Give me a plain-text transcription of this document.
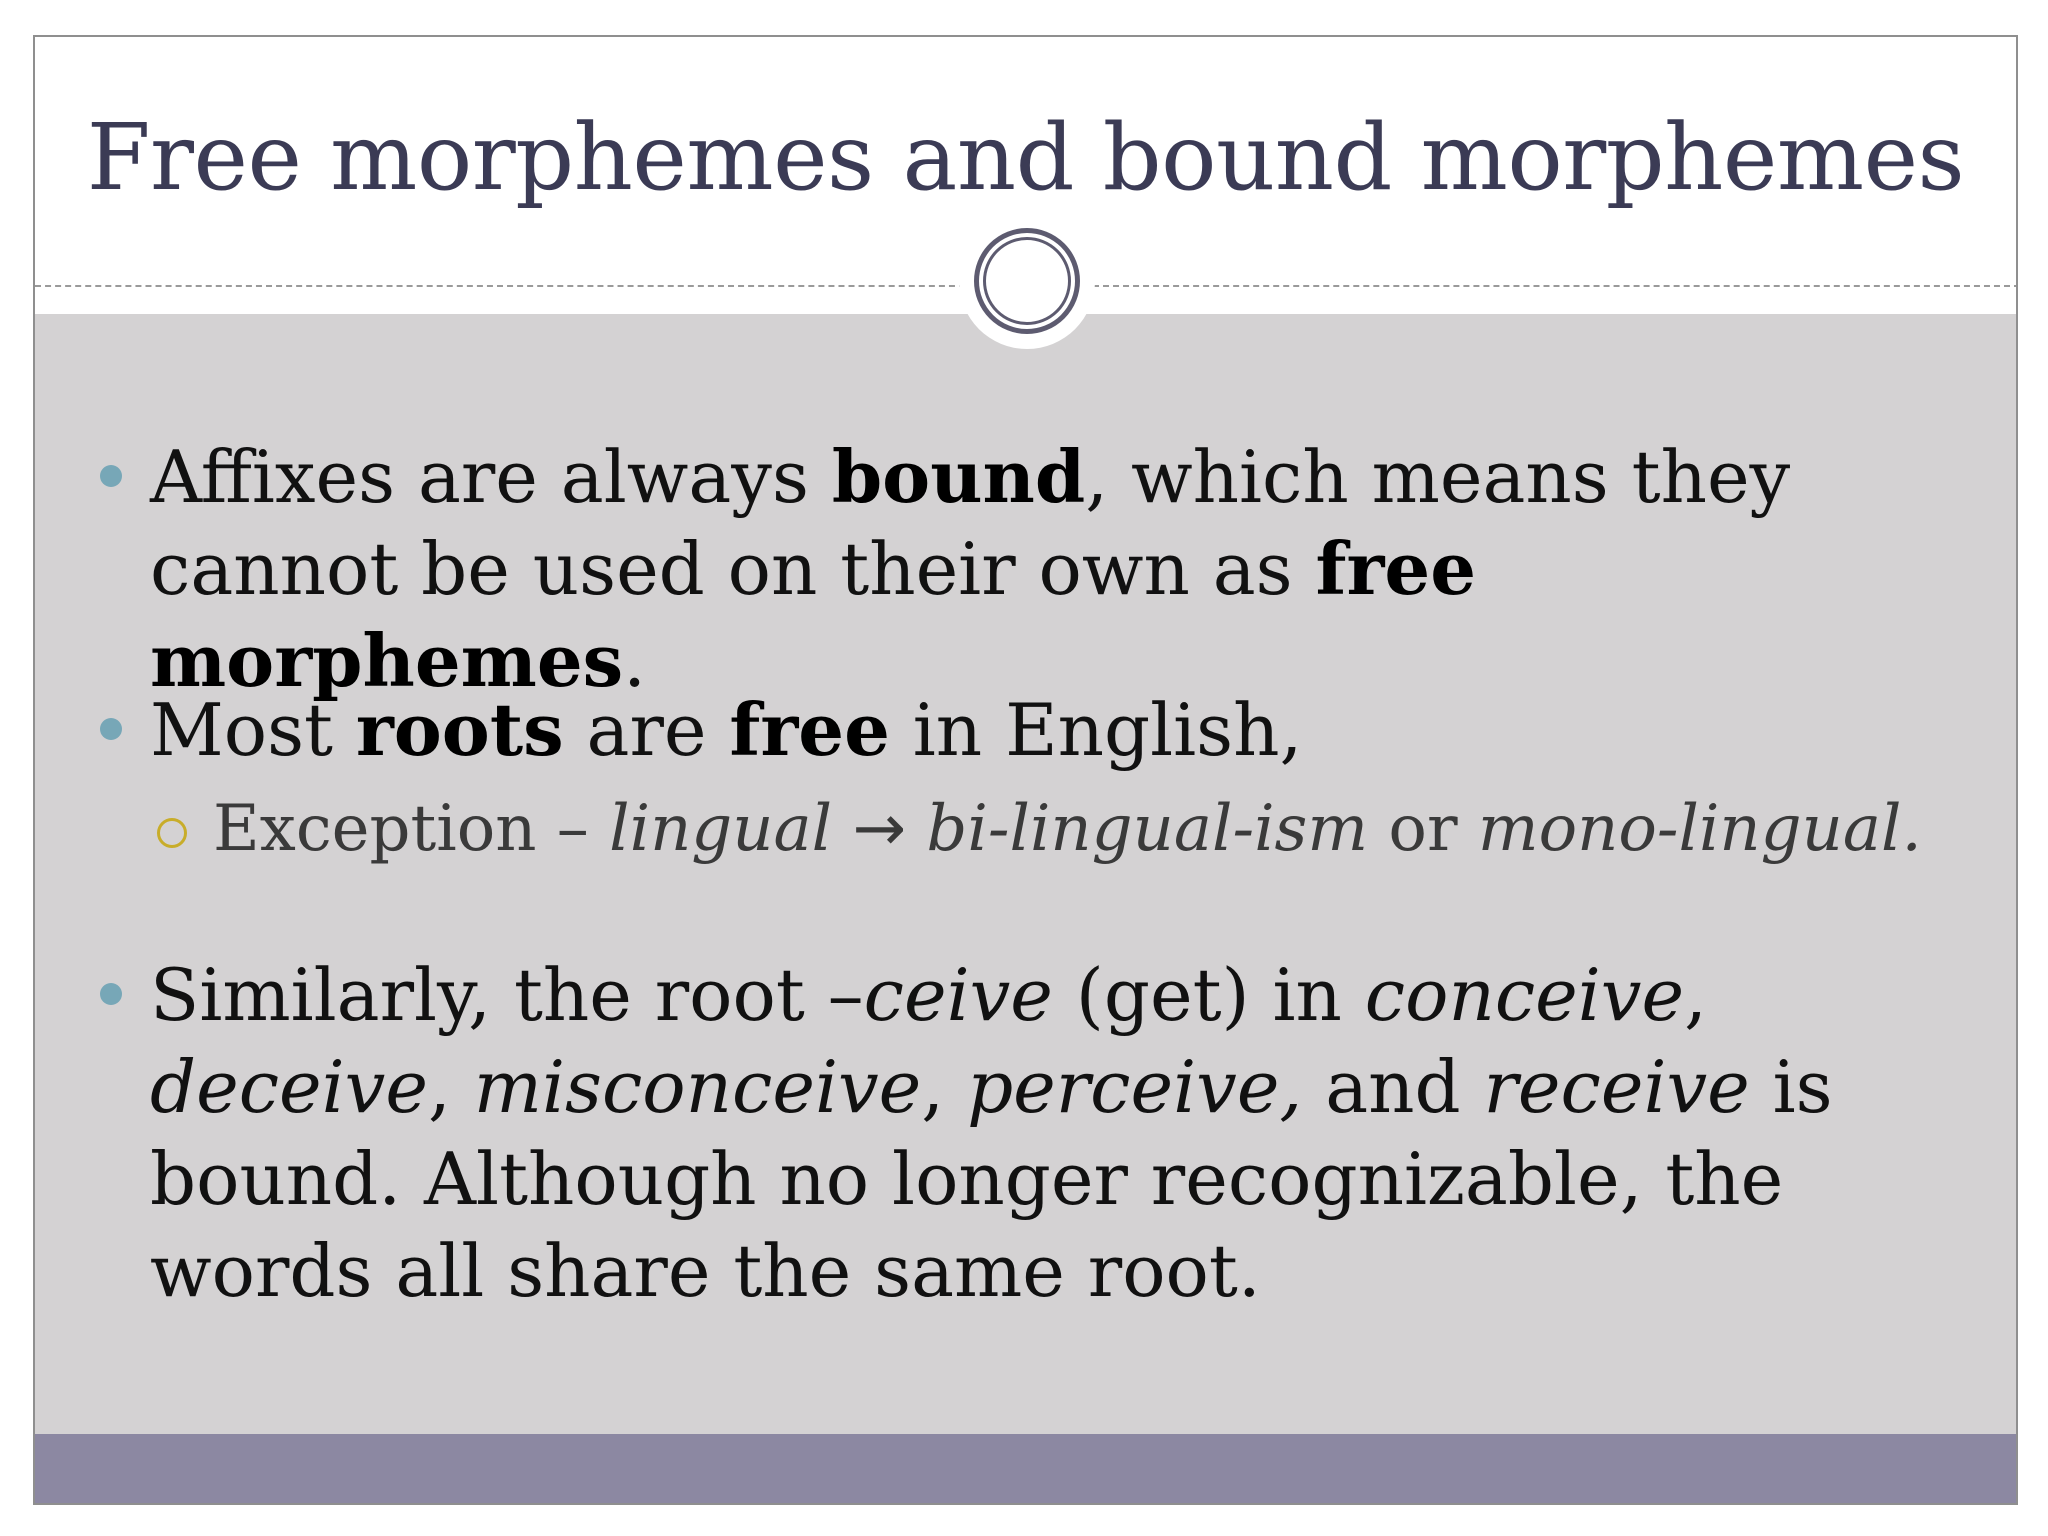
Free morphemes and bound morphemes
Affixes are always bound, which means they cannot be used on their own as free morphemes.
Most roots are free in English,
Exception – lingual → bi-lingual-ism or mono-lingual.
Similarly, the root –ceive (get) in conceive, deceive, misconceive, perceive, and receive is bound. Although no longer recognizable, the words all share the same root.
